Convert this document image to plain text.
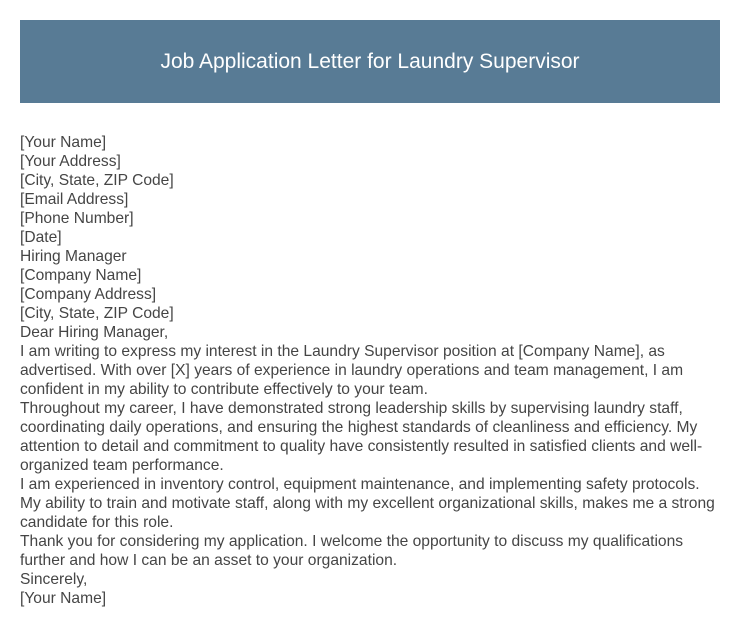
Job Application Letter for Laundry Supervisor
[Your Name]
[Your Address]
[City, State, ZIP Code]
[Email Address]
[Phone Number]
[Date]
Hiring Manager
[Company Name]
[Company Address]
[City, State, ZIP Code]
Dear Hiring Manager,
I am writing to express my interest in the Laundry Supervisor position at [Company Name], as advertised. With over [X] years of experience in laundry operations and team management, I am confident in my ability to contribute effectively to your team.
Throughout my career, I have demonstrated strong leadership skills by supervising laundry staff, coordinating daily operations, and ensuring the highest standards of cleanliness and efficiency. My attention to detail and commitment to quality have consistently resulted in satisfied clients and well-organized team performance.
I am experienced in inventory control, equipment maintenance, and implementing safety protocols. My ability to train and motivate staff, along with my excellent organizational skills, makes me a strong candidate for this role.
Thank you for considering my application. I welcome the opportunity to discuss my qualifications further and how I can be an asset to your organization.
Sincerely,
[Your Name]
